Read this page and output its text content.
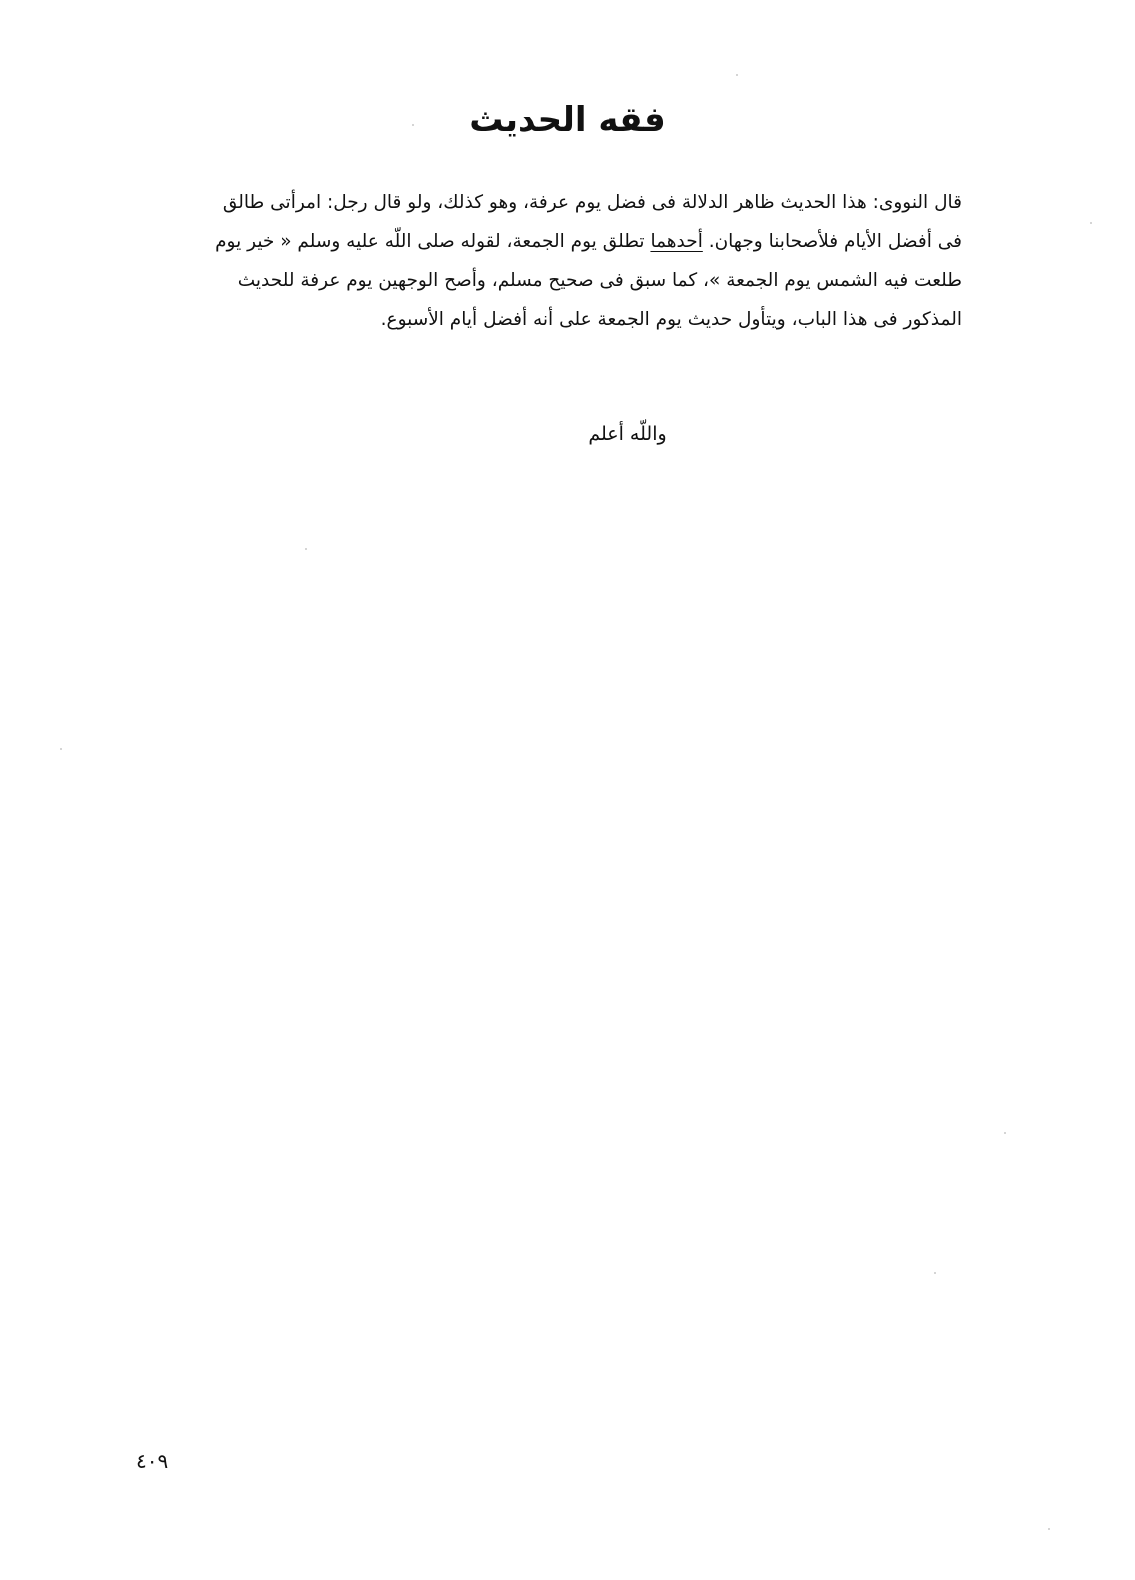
فقه الحديث
قال النووى: هذا الحديث ظاهر الدلالة فى فضل يوم عرفة، وهو كذلك، ولو قال رجل: امرأتى طالق
فى أفضل الأيام فلأصحابنا وجهان. أحدهما تطلق يوم الجمعة، لقوله صلى اللّه عليه وسلم « خير يوم
طلعت فيه الشمس يوم الجمعة »، كما سبق فى صحيح مسلم، وأصح الوجهين يوم عرفة للحديث
المذكور فى هذا الباب، ويتأول حديث يوم الجمعة على أنه أفضل أيام الأسبوع.
واللّه أعلم
٤٠٩
